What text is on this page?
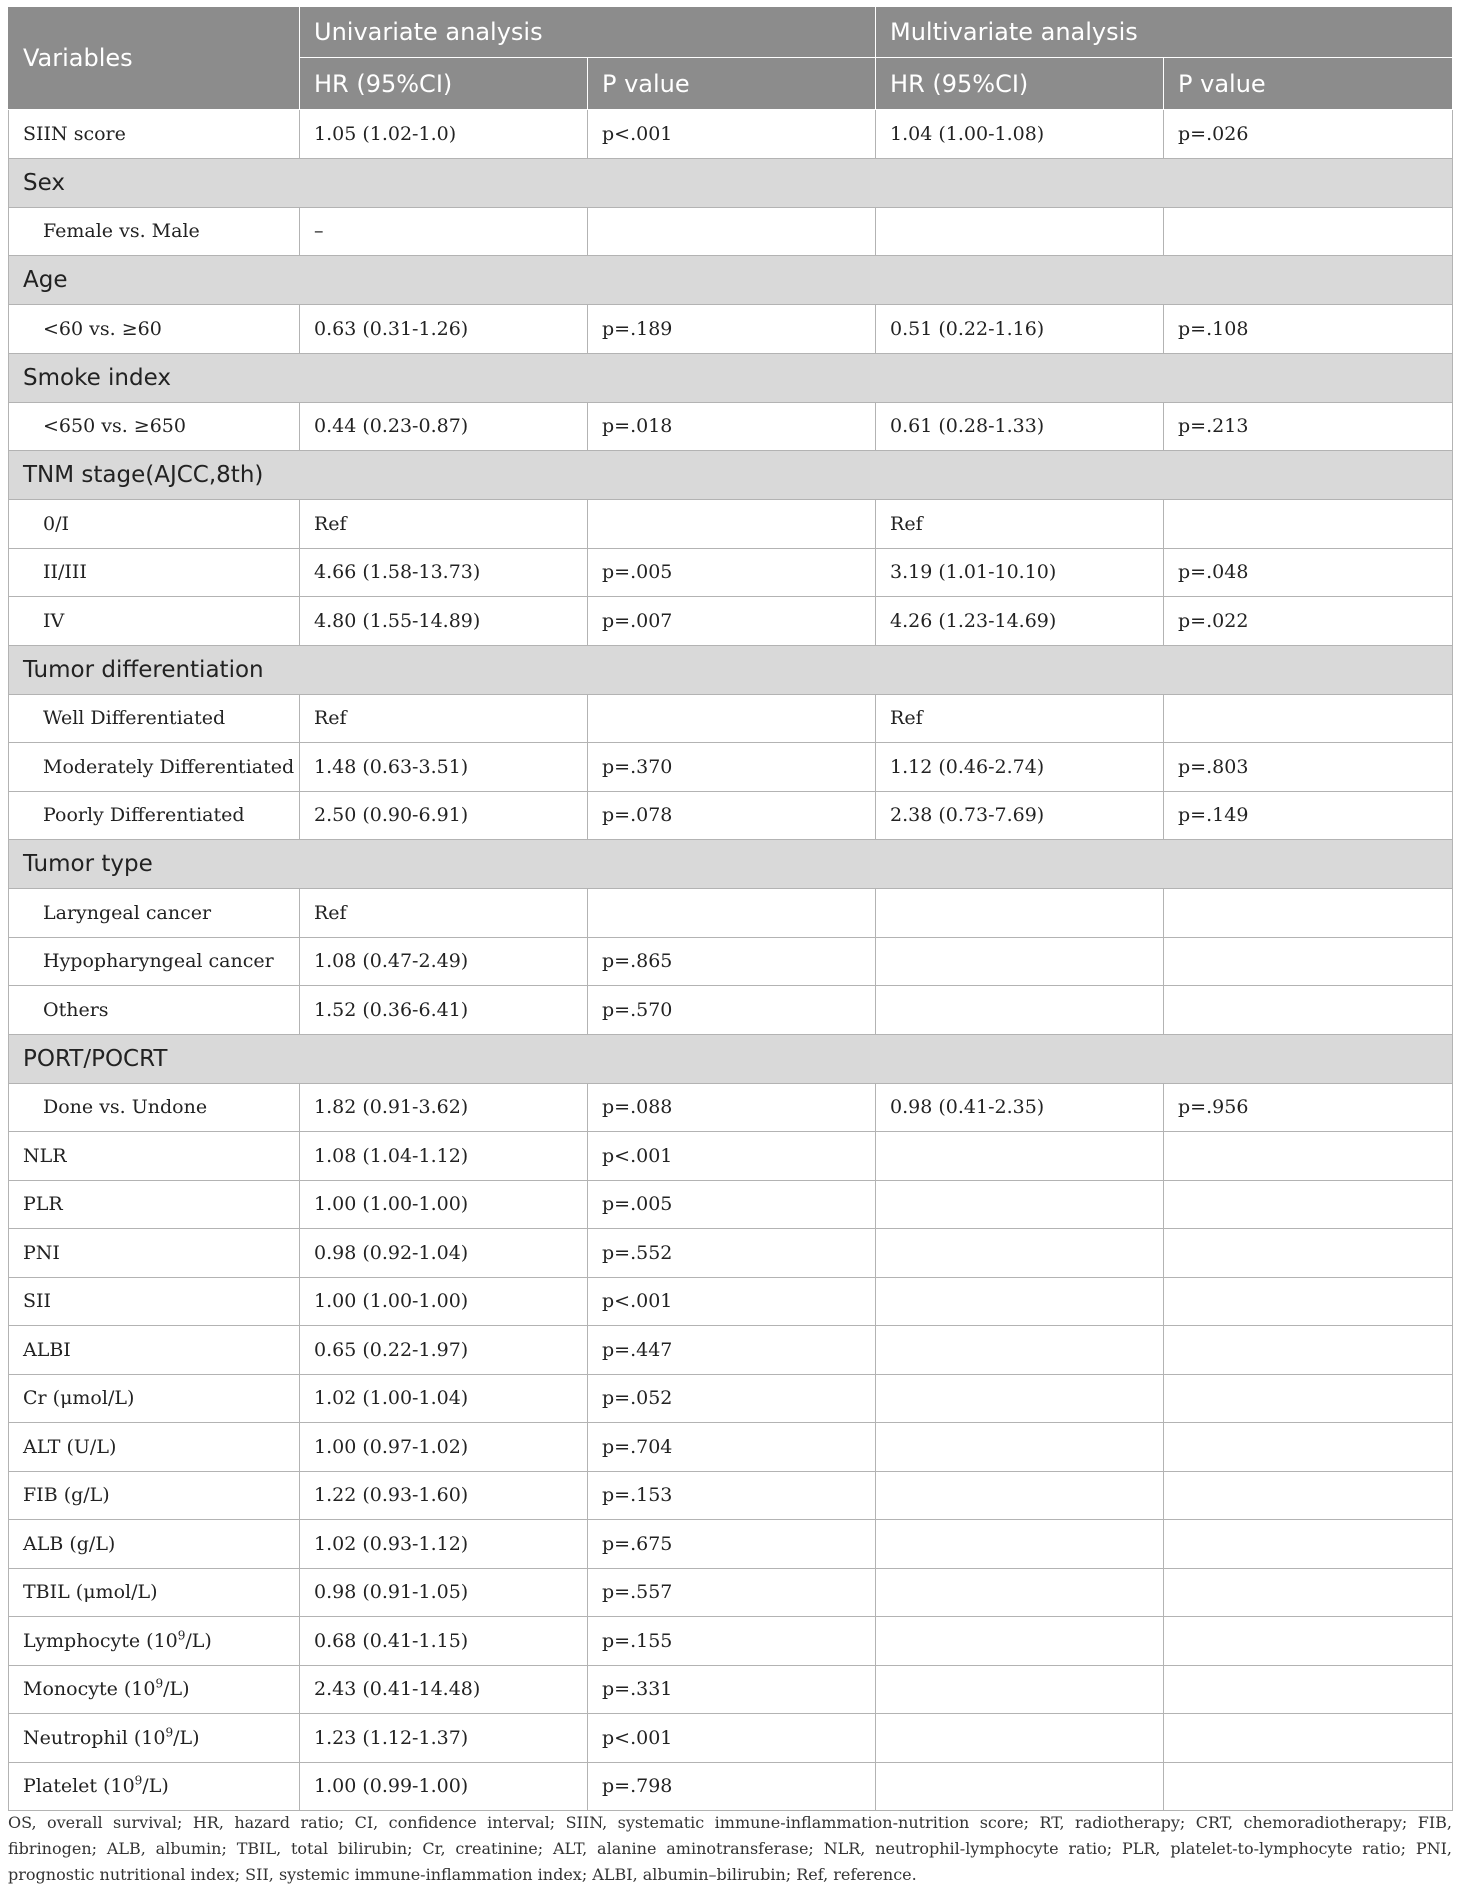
Variables	Univariate analysis		Multivariate analysis	
	HR (95%CI)	P value	HR (95%CI)	P value
SIIN score	1.05 (1.02-1.0)	p<.001	1.04 (1.00-1.08)	p=.026
Sex				
Female vs. Male	–			
Age				
<60 vs. ≥60	0.63 (0.31-1.26)	p=.189	0.51 (0.22-1.16)	p=.108
Smoke index				
<650 vs. ≥650	0.44 (0.23-0.87)	p=.018	0.61 (0.28-1.33)	p=.213
TNM stage(AJCC,8th)				
0/I	Ref		Ref	
II/III	4.66 (1.58-13.73)	p=.005	3.19 (1.01-10.10)	p=.048
IV	4.80 (1.55-14.89)	p=.007	4.26 (1.23-14.69)	p=.022
Tumor differentiation				
Well Differentiated	Ref		Ref	
Moderately Differentiated	1.48 (0.63-3.51)	p=.370	1.12 (0.46-2.74)	p=.803
Poorly Differentiated	2.50 (0.90-6.91)	p=.078	2.38 (0.73-7.69)	p=.149
Tumor type				
Laryngeal cancer	Ref			
Hypopharyngeal cancer	1.08 (0.47-2.49)	p=.865		
Others	1.52 (0.36-6.41)	p=.570		
PORT/POCRT				
Done vs. Undone	1.82 (0.91-3.62)	p=.088	0.98 (0.41-2.35)	p=.956
NLR	1.08 (1.04-1.12)	p<.001		
PLR	1.00 (1.00-1.00)	p=.005		
PNI	0.98 (0.92-1.04)	p=.552		
SII	1.00 (1.00-1.00)	p<.001		
ALBI	0.65 (0.22-1.97)	p=.447		
Cr (μmol/L)	1.02 (1.00-1.04)	p=.052		
ALT (U/L)	1.00 (0.97-1.02)	p=.704		
FIB (g/L)	1.22 (0.93-1.60)	p=.153		
ALB (g/L)	1.02 (0.93-1.12)	p=.675		
TBIL (μmol/L)	0.98 (0.91-1.05)	p=.557		
Lymphocyte $(10^9/L)$	0.68 (0.41-1.15)	p=.155		
Monocyte $(10^9/L)$	2.43 (0.41-14.48)	p=.331		
Neutrophil $(10^9/L)$	1.23 (1.12-1.37)	p<.001		
Platelet $(10^9/L)$	1.00 (0.99-1.00)	p=.798		
OS, overall survival; HR, hazard ratio; CI, confidence interval; SIIN, systematic immune-inflammation-nutrition score; RT, radiotherapy; CRT, chemoradiotherapy; FIB, fibrinogen; ALB, albumin; TBIL, total bilirubin; Cr, creatinine; ALT, alanine aminotransferase; NLR, neutrophil-lymphocyte ratio; PLR, platelet-to-lymphocyte ratio; PNI, prognostic nutritional index; SII, systemic immune-inflammation index; ALBI, albumin–bilirubin; Ref, reference.
